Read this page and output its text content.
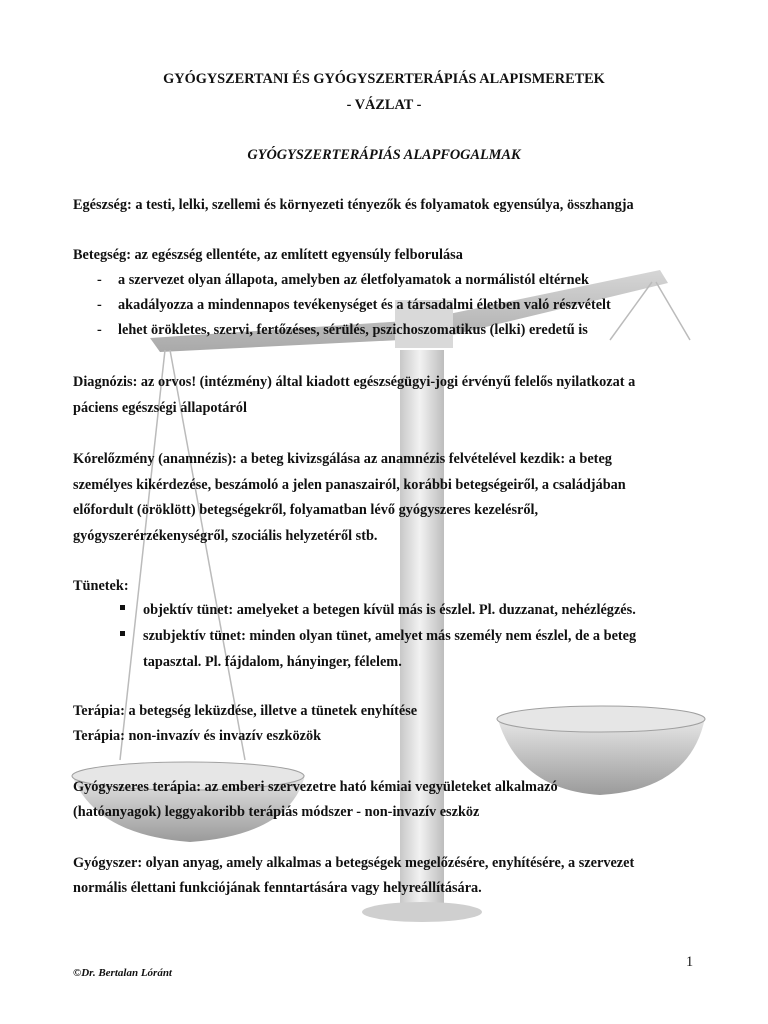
GYÓGYSZERTANI ÉS GYÓGYSZERTERÁPIÁS ALAPISMERETEK
- VÁZLAT -
GYÓGYSZERTERÁPIÁS ALAPFOGALMAK
Egészség: a testi, lelki, szellemi és környezeti tényezők és folyamatok egyensúlya, összhangja
Betegség: az egészség ellentéte, az említett egyensúly felborulása
- a szervezet olyan állapota, amelyben az életfolyamatok a normálistól eltérnek
- akadályozza a mindennapos tevékenységet és a társadalmi életben való részvételt
- lehet örökletes, szervi, fertőzéses, sérülés, pszichoszomatikus (lelki) eredetű is
Diagnózis: az orvos! (intézmény) által kiadott egészségügyi-jogi érvényű felelős nyilatkozat a
páciens egészségi állapotáról
Kórelőzmény (anamnézis): a beteg kivizsgálása az anamnézis felvételével kezdik: a beteg
személyes kikérdezése, beszámoló a jelen panaszairól, korábbi betegségeiről, a családjában
előfordult (öröklött) betegségekről, folyamatban lévő gyógyszeres kezelésről,
gyógyszerérzékenységről, szociális helyzetéről stb.
Tünetek:
objektív tünet: amelyeket a betegen kívül más is észlel. Pl. duzzanat, nehézlégzés.
szubjektív tünet: minden olyan tünet, amelyet más személy nem észlel, de a beteg
tapasztal. Pl. fájdalom, hányinger, félelem.
Terápia: a betegség leküzdése, illetve a tünetek enyhítése
Terápia: non-invazív és invazív eszközök
Gyógyszeres terápia: az emberi szervezetre ható kémiai vegyületeket alkalmazó
(hatóanyagok) leggyakoribb terápiás módszer - non-invazív eszköz
Gyógyszer: olyan anyag, amely alkalmas a betegségek megelőzésére, enyhítésére, a szervezet
normális élettani funkciójának fenntartására vagy helyreállítására.
1
©Dr. Bertalan Lóránt
